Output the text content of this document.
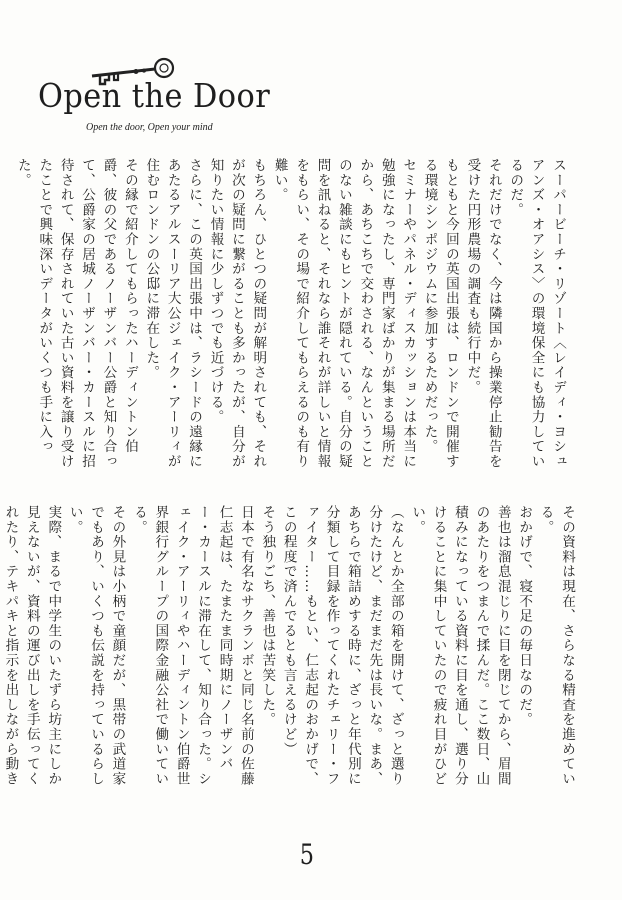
Open the Door
Open the door, Open your mind

スーパービーチ・リゾート〈レイディ・ヨシュアンズ・オアシス〉の環境保全にも協力しているのだ。

それだけでなく、今は隣国から操業停止勧告を受けた円形農場の調査も続行中だ。

もともと今回の英国出張は、ロンドンで開催する環境シンポジウムに参加するためだった。

セミナーやパネル・ディスカッションは本当に勉強になったし、専門家ばかりが集まる場所だから、あちこちで交わされる、なんということのない雑談にもヒントが隠れている。自分の疑問を訊ねると、それなら誰それが詳しいと情報をもらい、その場で紹介してもらえるのも有り難い。

もちろん、ひとつの疑問が解明されても、それが次の疑問に繋がることも多かったが、自分が知りたい情報に少しずつでも近づける。

さらに、この英国出張中は、ラシードの遠縁にあたるアルスーリア大公ジェイク・アーリィが住むロンドンの公邸に滞在した。

その縁で紹介してもらったハーディントン伯爵、彼の父であるノーザンバー公爵と知り合って、公爵家の居城ノーザンバー・カースルに招待されて、保存されていた古い資料を譲り受けたことで興味深いデータがいくつも手に入った。

その資料は現在、さらなる精査を進めている。

おかげで、寝不足の毎日なのだ。

善也は溜息混じりに目を閉じてから、眉間のあたりをつまんで揉んだ。ここ数日、山積みになっている資料に目を通し、選り分けることに集中していたので疲れ目がひどい。

（なんとか全部の箱を開けて、ざっと選り分けたけど、まだまだ先は長いな。まあ、あちらで箱詰めする時に、ざっと年代別に分類して目録を作ってくれたチェリー・ファイター……もとい、仁志起のおかげで、この程度で済んでるとも言えるけど）

そう独りごち、善也は苦笑した。

日本で有名なサクランボと同じ名前の佐藤仁志起は、たまたま同時期にノーザンバー・カースルに滞在して、知り合った。シェイク・アーリィやハーディントン伯爵世界銀行グループの国際金融公社で働いている。

その外見は小柄で童顔だが、黒帯の武道家でもあり、いくつも伝説を持っているらしい。

実際、まるで中学生のいたずら坊主にしか見えないが、資料の運び出しを手伝ってくれたり、テキパキと指示を出しながら動き

5
